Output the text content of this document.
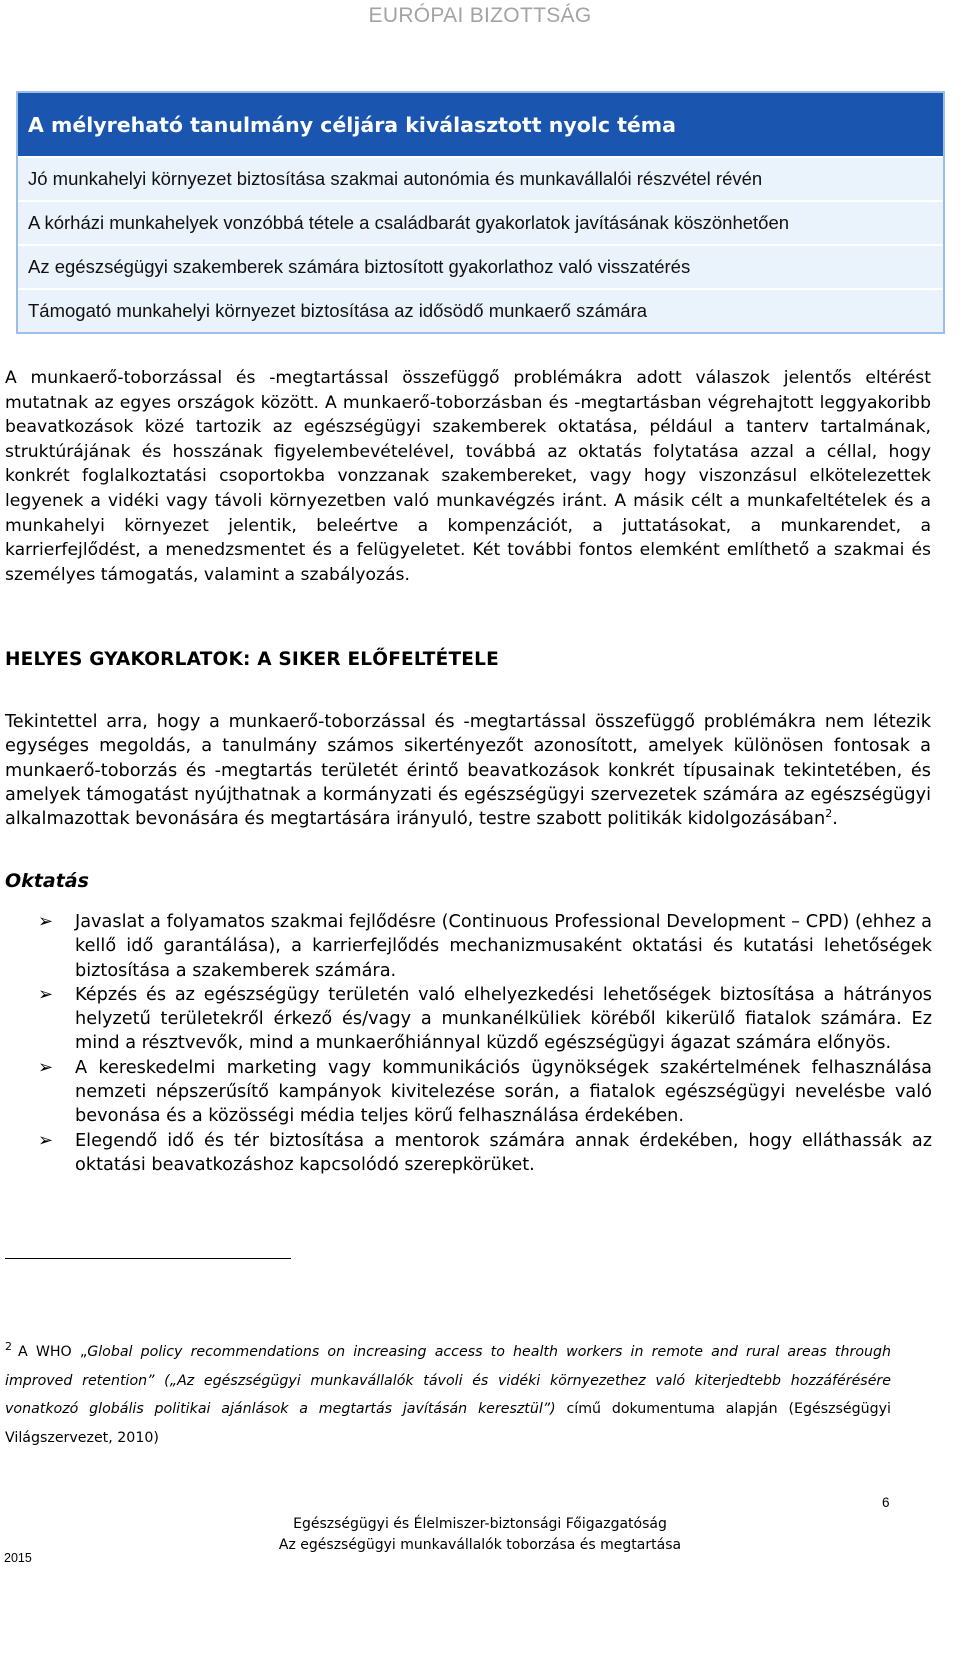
EURÓPAI BIZOTTSÁG
A mélyreható tanulmány céljára kiválasztott nyolc téma
Jó munkahelyi környezet biztosítása szakmai autonómia és munkavállalói részvétel révén
A kórházi munkahelyek vonzóbbá tétele a családbarát gyakorlatok javításának köszönhetően
Az egészségügyi szakemberek számára biztosított gyakorlathoz való visszatérés
Támogató munkahelyi környezet biztosítása az idősödő munkaerő számára

A munkaerő-toborzással és -megtartással összefüggő problémákra adott válaszok jelentős eltérést mutatnak az egyes országok között. A munkaerő-toborzásban és -megtartásban végrehajtott leggyakoribb beavatkozások közé tartozik az egészségügyi szakemberek oktatása, például a tanterv tartalmának, struktúrájának és hosszának figyelembevételével, továbbá az oktatás folytatása azzal a céllal, hogy konkrét foglalkoztatási csoportokba vonzzanak szakembereket, vagy hogy viszonzásul elkötelezettek legyenek a vidéki vagy távoli környezetben való munkavégzés iránt. A másik célt a munkafeltételek és a munkahelyi környezet jelentik, beleértve a kompenzációt, a juttatásokat, a munkarendet, a karrierfejlődést, a menedzsmentet és a felügyeletet. Két további fontos elemként említhető a szakmai és személyes támogatás, valamint a szabályozás.

HELYES GYAKORLATOK: A SIKER ELŐFELTÉTELE

Tekintettel arra, hogy a munkaerő-toborzással és -megtartással összefüggő problémákra nem létezik egységes megoldás, a tanulmány számos sikertényezőt azonosított, amelyek különösen fontosak a munkaerő-toborzás és -megtartás területét érintő beavatkozások konkrét típusainak tekintetében, és amelyek támogatást nyújthatnak a kormányzati és egészségügyi szervezetek számára az egészségügyi alkalmazottak bevonására és megtartására irányuló, testre szabott politikák kidolgozásában$^2$.

Oktatás
➢	Javaslat a folyamatos szakmai fejlődésre (Continuous Professional Development – CPD) (ehhez a kellő idő garantálása), a karrierfejlődés mechanizmusaként oktatási és kutatási lehetőségek biztosítása a szakemberek számára.
➢	Képzés és az egészségügy területén való elhelyezkedési lehetőségek biztosítása a hátrányos helyzetű területekről érkező és/vagy a munkanélküliek köréből kikerülő fiatalok számára. Ez mind a résztvevők, mind a munkaerőhiánnyal küzdő egészségügyi ágazat számára előnyös.
➢	A kereskedelmi marketing vagy kommunikációs ügynökségek szakértelmének felhasználása nemzeti népszerűsítő kampányok kivitelezése során, a fiatalok egészségügyi nevelésbe való bevonása és a közösségi média teljes körű felhasználása érdekében.
➢	Elegendő idő és tér biztosítása a mentorok számára annak érdekében, hogy elláthassák az oktatási beavatkozáshoz kapcsolódó szerepkörüket.

$^2$ A WHO „Global policy recommendations on increasing access to health workers in remote and rural areas through improved retention” („Az egészségügyi munkavállalók távoli és vidéki környezethez való kiterjedtebb hozzáférésére vonatkozó globális politikai ajánlások a megtartás javításán keresztül”) című dokumentuma alapján (Egészségügyi Világszervezet, 2010)

6
Egészségügyi és Élelmiszer-biztonsági Főigazgatóság
Az egészségügyi munkavállalók toborzása és megtartása
2015
